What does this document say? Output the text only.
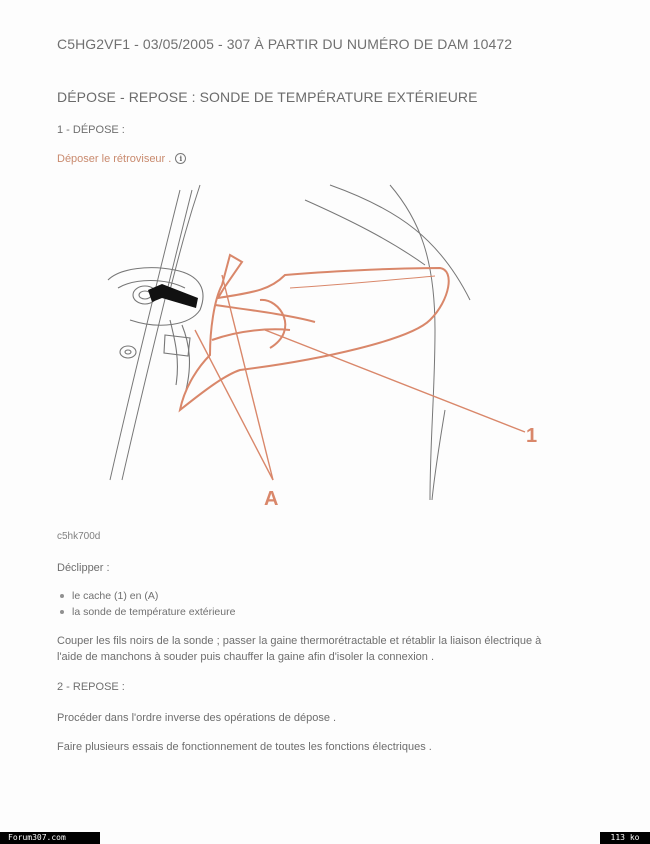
C5HG2VF1 - 03/05/2005 - 307 À PARTIR DU NUMÉRO DE DAM 10472
DÉPOSE - REPOSE : SONDE DE TEMPÉRATURE EXTÉRIEURE
1 - DÉPOSE :
Déposer le rétroviseur . i
1
A
c5hk700d
Déclipper :
le cache (1) en (A)
la sonde de température extérieure
Couper les fils noirs de la sonde ; passer la gaine thermorétractable et rétablir la liaison électrique à
l'aide de manchons à souder puis chauffer la gaine afin d'isoler la connexion .
2 - REPOSE :
Procéder dans l'ordre inverse des opérations de dépose .
Faire plusieurs essais de fonctionnement de toutes les fonctions électriques .
Forum307.com	113 ko
